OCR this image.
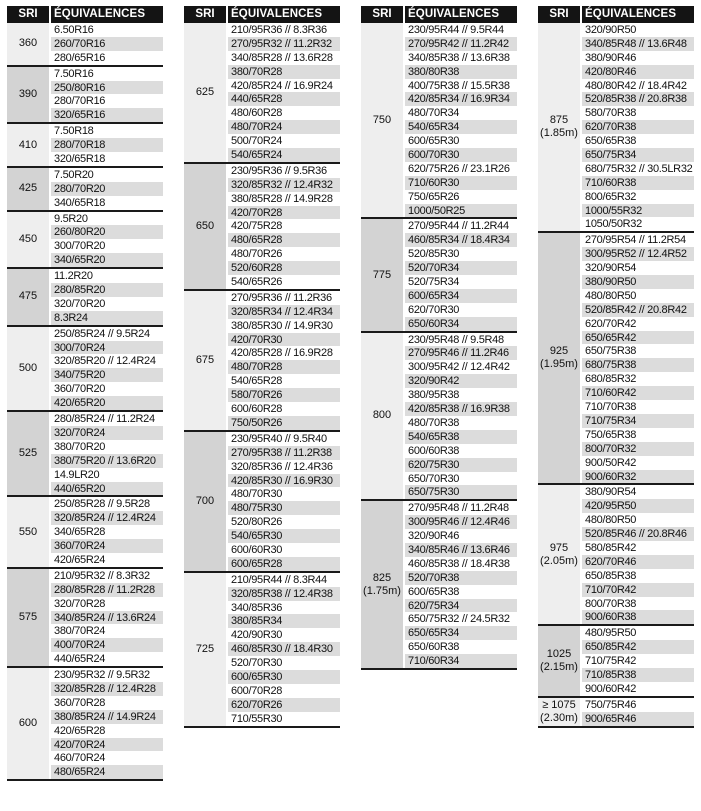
SRI	ÉQUIVALENCES
360
6.50R16
260/70R16
280/65R16
390
7.50R16
250/80R16
280/70R16
320/65R16
410
7.50R18
280/70R18
320/65R18
425
7.50R20
280/70R20
340/65R18
450
9.5R20
260/80R20
300/70R20
340/65R20
475
11.2R20
280/85R20
320/70R20
8.3R24
500
250/85R24 // 9.5R24
300/70R24
320/85R20 // 12.4R24
340/75R20
360/70R20
420/65R20
525
280/85R24 // 11.2R24
320/70R24
380/70R20
380/75R20 // 13.6R20
14.9LR20
440/65R20
550
250/85R28 // 9.5R28
320/85R24 // 12.4R24
340/65R28
360/70R24
420/65R24
575
210/95R32 // 8.3R32
280/85R28 // 11.2R28
320/70R28
340/85R24 // 13.6R24
380/70R24
400/70R24
440/65R24
600
230/95R32 // 9.5R32
320/85R28 // 12.4R28
360/70R28
380/85R24 // 14.9R24
420/65R28
420/70R24
460/70R24
480/65R24
SRI	ÉQUIVALENCES
625
210/95R36 // 8.3R36
270/95R32 // 11.2R32
340/85R28 // 13.6R28
380/70R28
420/85R24 // 16.9R24
440/65R28
480/60R28
480/70R24
500/70R24
540/65R24
650
230/95R36 // 9.5R36
320/85R32 // 12.4R32
380/85R28 // 14.9R28
420/70R28
420/75R28
480/65R28
480/70R26
520/60R28
540/65R26
675
270/95R36 // 11.2R36
320/85R34 // 12.4R34
380/85R30 // 14.9R30
420/70R30
420/85R28 // 16.9R28
480/70R28
540/65R28
580/70R26
600/60R28
750/50R26
700
230/95R40 // 9.5R40
270/95R38 // 11.2R38
320/85R36 // 12.4R36
420/85R30 // 16.9R30
480/70R30
480/75R30
520/80R26
540/65R30
600/60R30
600/65R28
725
210/95R44 // 8.3R44
320/85R38 // 12.4R38
340/85R36
380/85R34
420/90R30
460/85R30 // 18.4R30
520/70R30
600/65R30
600/70R28
620/70R26
710/55R30
SRI	ÉQUIVALENCES
750
230/95R44 // 9.5R44
270/95R42 // 11.2R42
340/85R38 // 13.6R38
380/80R38
400/75R38 // 15.5R38
420/85R34 // 16.9R34
480/70R34
540/65R34
600/65R30
600/70R30
620/75R26 // 23.1R26
710/60R30
750/65R26
1000/50R25
775
270/95R44 // 11.2R44
460/85R34 // 18.4R34
520/85R30
520/70R34
520/75R34
600/65R34
620/70R30
650/60R34
800
230/95R48 // 9.5R48
270/95R46 // 11.2R46
300/95R42 // 12.4R42
320/90R42
380/95R38
420/85R38 // 16.9R38
480/70R38
540/65R38
600/60R38
620/75R30
650/70R30
650/75R30
825
(1.75m)
270/95R48 // 11.2R48
300/95R46 // 12.4R46
320/90R46
340/85R46 // 13.6R46
460/85R38 // 18.4R38
520/70R38
600/65R38
620/75R34
650/75R32 // 24.5R32
650/65R34
650/60R38
710/60R34
SRI	ÉQUIVALENCES
875
(1.85m)
320/90R50
340/85R48 // 13.6R48
380/90R46
420/80R46
480/80R42 // 18.4R42
520/85R38 // 20.8R38
580/70R38
620/70R38
650/65R38
650/75R34
680/75R32 // 30.5LR32
710/60R38
800/65R32
1000/55R32
1050/50R32
925
(1.95m)
270/95R54 // 11.2R54
300/95R52 // 12.4R52
320/90R54
380/90R50
480/80R50
520/85R42 // 20.8R42
620/70R42
650/65R42
650/75R38
680/75R38
680/85R32
710/60R42
710/70R38
710/75R34
750/65R38
800/70R32
900/50R42
900/60R32
975
(2.05m)
380/90R54
420/95R50
480/80R50
520/85R46 // 20.8R46
580/85R42
620/70R46
650/85R38
710/70R42
800/70R38
900/60R38
1025
(2.15m)
480/95R50
650/85R42
710/75R42
710/85R38
900/60R42
≥ 1075
(2.30m)
750/75R46
900/65R46
